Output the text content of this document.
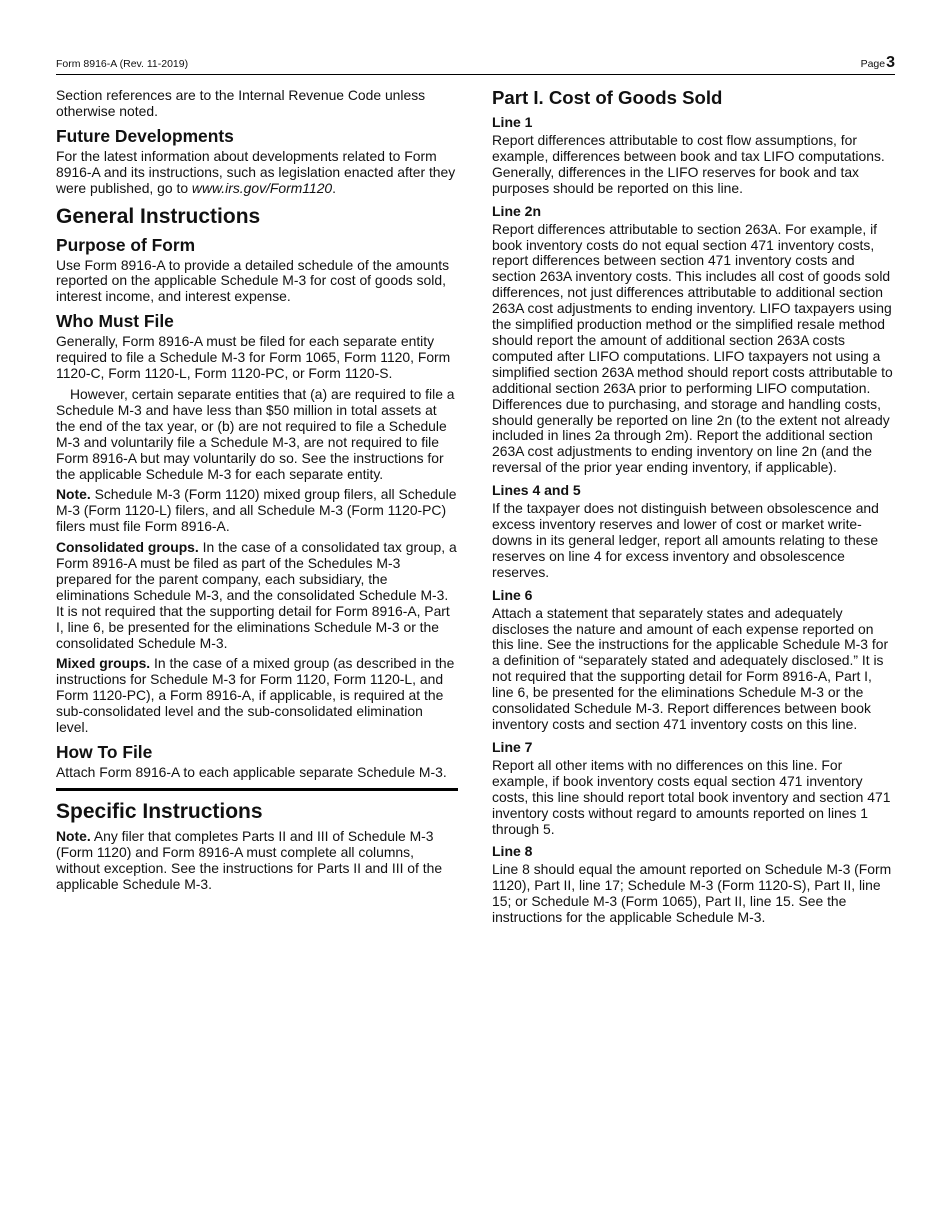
Form 8916-A (Rev. 11-2019)	Page3

Section references are to the Internal Revenue Code unless otherwise noted.

Future Developments

For the latest information about developments related to Form 8916-A and its instructions, such as legislation enacted after they were published, go to www.irs.gov/Form1120.

General Instructions
Purpose of Form

Use Form 8916-A to provide a detailed schedule of the amounts reported on the applicable Schedule M-3 for cost of goods sold, interest income, and interest expense.

Who Must File

Generally, Form 8916-A must be filed for each separate entity required to file a Schedule M-3 for Form 1065, Form 1120, Form 1120-C, Form 1120-L, Form 1120-PC, or Form 1120-S.

However, certain separate entities that (a) are required to file a Schedule M-3 and have less than $50 million in total assets at the end of the tax year, or (b) are not required to file a Schedule M-3 and voluntarily file a Schedule M-3, are not required to file Form 8916-A but may voluntarily do so. See the instructions for the applicable Schedule M-3 for each separate entity.

Note. Schedule M-3 (Form 1120) mixed group filers, all Schedule M-3 (Form 1120-L) filers, and all Schedule M-3 (Form 1120-PC) filers must file Form 8916-A.

Consolidated groups. In the case of a consolidated tax group, a Form 8916-A must be filed as part of the Schedules M-3 prepared for the parent company, each subsidiary, the eliminations Schedule M-3, and the consolidated Schedule M-3. It is not required that the supporting detail for Form 8916-A, Part I, line 6, be presented for the eliminations Schedule M-3 or the consolidated Schedule M-3.

Mixed groups. In the case of a mixed group (as described in the instructions for Schedule M-3 for Form 1120, Form 1120-L, and Form 1120-PC), a Form 8916-A, if applicable, is required at the sub-consolidated level and the sub-consolidated elimination level.

How To File

Attach Form 8916-A to each applicable separate Schedule M-3.

Specific Instructions

Note. Any filer that completes Parts II and III of Schedule M-3 (Form 1120) and Form 8916-A must complete all columns, without exception. See the instructions for Parts II and III of the applicable Schedule M-3.

Part I. Cost of Goods Sold
Line 1

Report differences attributable to cost flow assumptions, for example, differences between book and tax LIFO computations. Generally, differences in the LIFO reserves for book and tax purposes should be reported on this line.

Line 2n

Report differences attributable to section 263A. For example, if book inventory costs do not equal section 471 inventory costs, report differences between section 471 inventory costs and section 263A inventory costs. This includes all cost of goods sold differences, not just differences attributable to additional section 263A cost adjustments to ending inventory. LIFO taxpayers using the simplified production method or the simplified resale method should report the amount of additional section 263A costs computed after LIFO computations. LIFO taxpayers not using a simplified section 263A method should report costs attributable to additional section 263A prior to performing LIFO computation. Differences due to purchasing, and storage and handling costs, should generally be reported on line 2n (to the extent not already included in lines 2a through 2m). Report the additional section 263A cost adjustments to ending inventory on line 2n (and the reversal of the prior year ending inventory, if applicable).

Lines 4 and 5

If the taxpayer does not distinguish between obsolescence and excess inventory reserves and lower of cost or market write-downs in its general ledger, report all amounts relating to these reserves on line 4 for excess inventory and obsolescence reserves.

Line 6

Attach a statement that separately states and adequately discloses the nature and amount of each expense reported on this line. See the instructions for the applicable Schedule M-3 for a definition of “separately stated and adequately disclosed.” It is not required that the supporting detail for Form 8916-A, Part I, line 6, be presented for the eliminations Schedule M-3 or the consolidated Schedule M-3. Report differences between book inventory costs and section 471 inventory costs on this line.

Line 7

Report all other items with no differences on this line. For example, if book inventory costs equal section 471 inventory costs, this line should report total book inventory and section 471 inventory costs without regard to amounts reported on lines 1 through 5.

Line 8

Line 8 should equal the amount reported on Schedule M-3 (Form 1120), Part II, line 17; Schedule M-3 (Form 1120-S), Part II, line 15; or Schedule M-3 (Form 1065), Part II, line 15. See the instructions for the applicable Schedule M-3.
